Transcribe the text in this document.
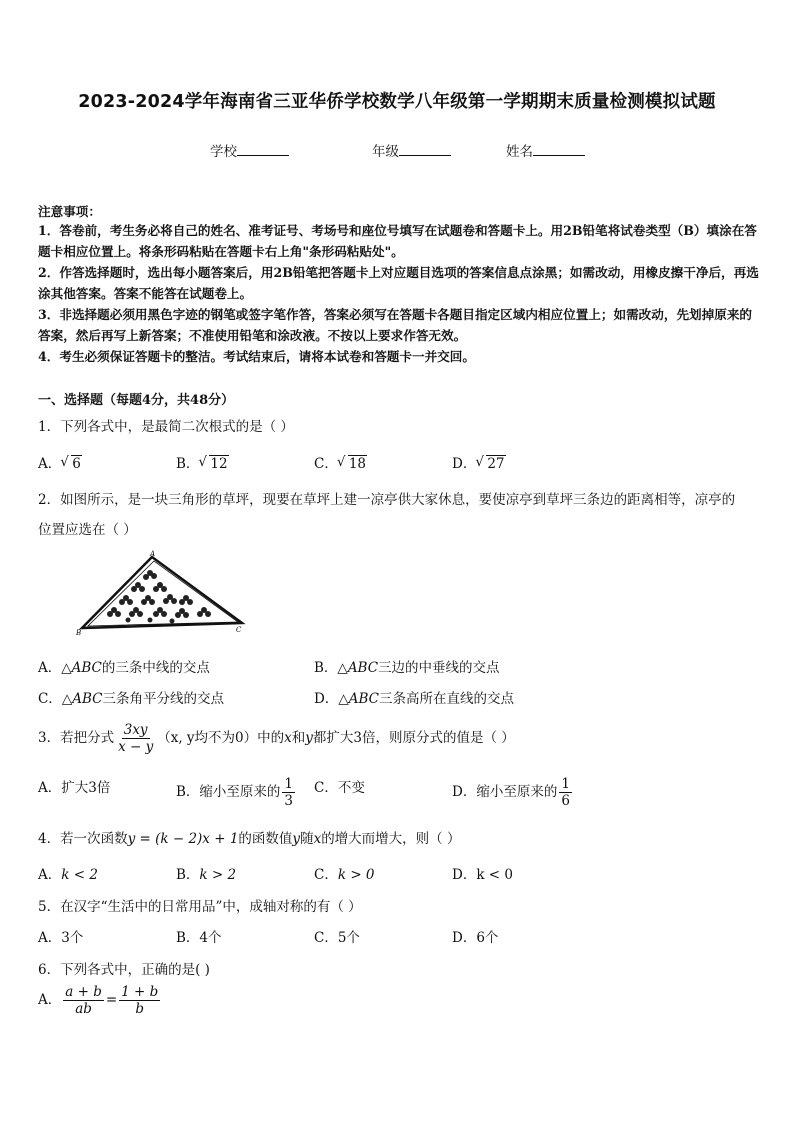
2023-2024学年海南省三亚华侨学校数学八年级第一学期期末质量检测模拟试题
学校	年级	姓名
注意事项：
1．答卷前，考生务必将自己的姓名、准考证号、考场号和座位号填写在试题卷和答题卡上。用2B铅笔将试卷类型（B）填涂在答题卡相应位置上。将条形码粘贴在答题卡右上角"条形码粘贴处"。
2．作答选择题时，选出每小题答案后，用2B铅笔把答题卡上对应题目选项的答案信息点涂黑；如需改动，用橡皮擦干净后，再选涂其他答案。答案不能答在试题卷上。
3．非选择题必须用黑色字迹的钢笔或签字笔作答，答案必须写在答题卡各题目指定区域内相应位置上；如需改动，先划掉原来的答案，然后再写上新答案；不准使用铅笔和涂改液。不按以上要求作答无效。
4．考生必须保证答题卡的整洁。考试结束后，请将本试卷和答题卡一并交回。
一、选择题（每题4分，共48分）
1．下列各式中，是最简二次根式的是（ ）
A． √ 6	B． √ 12	C． √ 18	D． √ 27
2．如图所示，是一块三角形的草坪，现要在草坪上建一凉亭供大家休息，要使凉亭到草坪三条边的距离相等，凉亭的
位置应选在（ ）
A
B	C
A．△ABC的三条中线的交点	B．△ABC三边的中垂线的交点
C．△ABC三条角平分线的交点	D．△ABC三条高所在直线的交点
3．若把分式 $\frac{3xy}{x - y} (x$, y均不为0）中的x和y都扩大3倍，则原分式的值是（ ）
A．扩大3倍	B．缩小至原来的 $\frac{1}{3}$ C．不变	D．缩小至原来的 $\frac{1}{6}$
4．若一次函数y = (k − 2)x + 1的函数值y随x的增大而增大，则（ ）
A．k < 2	B．k > 2	C．k > 0	D．k < 0
5．在汉字“生活中的日常用品”中，成轴对称的有（ ）
A．3个	B．4个	C．5个	D．6个
6．下列各式中，正确的是( )
A． $\frac{a + b}{ab} = \frac{1 + b}{b}$
